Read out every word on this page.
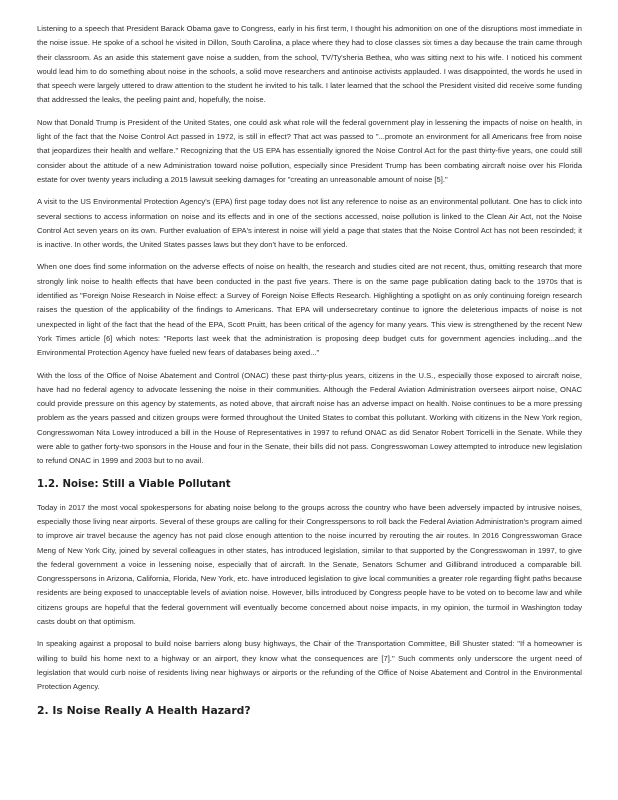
Listening to a speech that President Barack Obama gave to Congress, early in his first term, I thought his admonition on one of the disruptions most immediate in the noise issue. He spoke of a school he visited in Dillon, South Carolina, a place where they had to close classes six times a day because the train came through their classroom. As an aside this statement gave noise a sudden, from the school, TV/Ty'sheria Bethea, who was sitting next to his wife. I noticed his comment would lead him to do something about noise in the schools, a solid move researchers and antinoise activists applauded. I was disappointed, the words he used in that speech were largely uttered to draw attention to the student he invited to his talk. I later learned that the school the President visited did receive some funding that addressed the leaks, the peeling paint and, hopefully, the noise.

Now that Donald Trump is President of the United States, one could ask what role will the federal government play in lessening the impacts of noise on health, in light of the fact that the Noise Control Act passed in 1972, is still in effect? That act was passed to "...promote an environment for all Americans free from noise that jeopardizes their health and welfare." Recognizing that the US EPA has essentially ignored the Noise Control Act for the past thirty-five years, one could still consider about the attitude of a new Administration toward noise pollution, especially since President Trump has been combating aircraft noise over his Florida estate for over twenty years including a 2015 lawsuit seeking damages for "creating an unreasonable amount of noise [5]."

A visit to the US Environmental Protection Agency's (EPA) first page today does not list any reference to noise as an environmental pollutant. One has to click into several sections to access information on noise and its effects and in one of the sections accessed, noise pollution is linked to the Clean Air Act, not the Noise Control Act seven years on its own. Further evaluation of EPA's interest in noise will yield a page that states that the Noise Control Act has not been rescinded; it is inactive. In other words, the United States passes laws but they don't have to be enforced.

When one does find some information on the adverse effects of noise on health, the research and studies cited are not recent, thus, omitting research that more strongly link noise to health effects that have been conducted in the past five years. There is on the same page publication dating back to the 1970s that is identified as "Foreign Noise Research in Noise effect: a Survey of Foreign Noise Effects Research. Highlighting a spotlight on as only continuing foreign research raises the question of the applicability of the findings to Americans. That EPA will undersecretary continue to ignore the deleterious impacts of noise is not unexpected in light of the fact that the head of the EPA, Scott Pruitt, has been critical of the agency for many years. This view is strengthened by the recent New York Times article [6] which notes: "Reports last week that the administration is proposing deep budget cuts for government agencies including...and the Environmental Protection Agency have fueled new fears of databases being axed..."

With the loss of the Office of Noise Abatement and Control (ONAC) these past thirty-plus years, citizens in the U.S., especially those exposed to aircraft noise, have had no federal agency to advocate lessening the noise in their communities. Although the Federal Aviation Administration oversees airport noise, ONAC could provide pressure on this agency by statements, as noted above, that aircraft noise has an adverse impact on health. Noise continues to be a more pressing problem as the years passed and citizen groups were formed throughout the United States to combat this pollutant. Working with citizens in the New York region, Congresswoman Nita Lowey introduced a bill in the House of Representatives in 1997 to refund ONAC as did Senator Robert Torricelli in the Senate. While they were able to gather forty-two sponsors in the House and four in the Senate, their bills did not pass. Congresswoman Lowey attempted to introduce new legislation to refund ONAC in 1999 and 2003 but to no avail.

1.2. Noise: Still a Viable Pollutant

Today in 2017 the most vocal spokespersons for abating noise belong to the groups across the country who have been adversely impacted by intrusive noises, especially those living near airports. Several of these groups are calling for their Congresspersons to roll back the Federal Aviation Administration's program aimed to improve air travel because the agency has not paid close enough attention to the noise incurred by rerouting the air routes. In 2016 Congresswoman Grace Meng of New York City, joined by several colleagues in other states, has introduced legislation, similar to that supported by the Congresswoman in 1997, to give the federal government a voice in lessening noise, especially that of aircraft. In the Senate, Senators Schumer and Gillibrand introduced a comparable bill. Congresspersons in Arizona, California, Florida, New York, etc. have introduced legislation to give local communities a greater role regarding flight paths because residents are being exposed to unacceptable levels of aviation noise. However, bills introduced by Congress people have to be voted on to become law and while citizens groups are hopeful that the federal government will eventually become concerned about noise impacts, in my opinion, the turmoil in Washington today casts doubt on that optimism.

In speaking against a proposal to build noise barriers along busy highways, the Chair of the Transportation Committee, Bill Shuster stated: "If a homeowner is willing to build his home next to a highway or an airport, they know what the consequences are [7]." Such comments only underscore the urgent need of legislation that would curb noise of residents living near highways or airports or the refunding of the Office of Noise Abatement and Control in the Environmental Protection Agency.

2. Is Noise Really A Health Hazard?
